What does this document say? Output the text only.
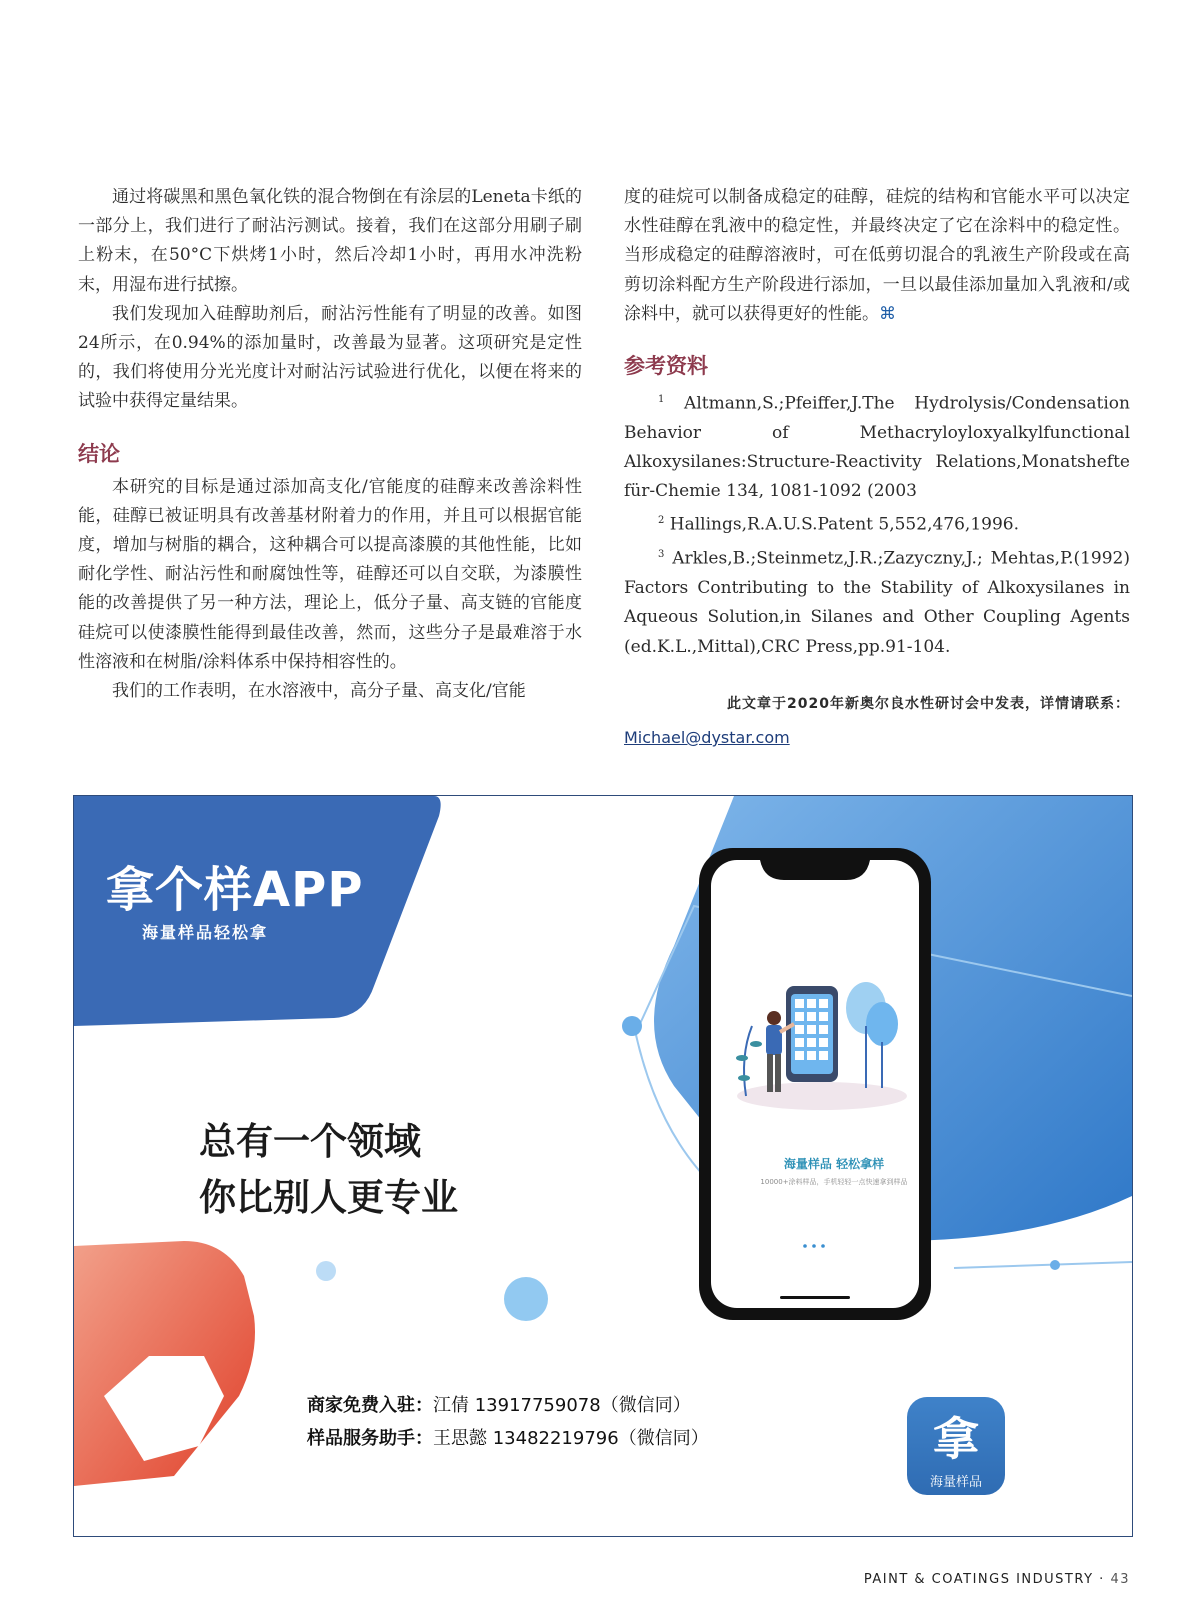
通过将碳黑和黑色氧化铁的混合物倒在有涂层的Leneta卡纸的一部分上，我们进行了耐沾污测试。接着，我们在这部分用刷子刷上粉末，在50°C下烘烤1小时，然后冷却1小时，再用水冲洗粉末，用湿布进行拭擦。

我们发现加入硅醇助剂后，耐沾污性能有了明显的改善。如图24所示，在0.94%的添加量时，改善最为显著。这项研究是定性的，我们将使用分光光度计对耐沾污试验进行优化，以便在将来的试验中获得定量结果。

结论

本研究的目标是通过添加高支化/官能度的硅醇来改善涂料性能，硅醇已被证明具有改善基材附着力的作用，并且可以根据官能度，增加与树脂的耦合，这种耦合可以提高漆膜的其他性能，比如耐化学性、耐沾污性和耐腐蚀性等，硅醇还可以自交联，为漆膜性能的改善提供了另一种方法，理论上，低分子量、高支链的官能度硅烷可以使漆膜性能得到最佳改善，然而，这些分子是最难溶于水性溶液和在树脂/涂料体系中保持相容性的。

我们的工作表明，在水溶液中，高分子量、高支化/官能

度的硅烷可以制备成稳定的硅醇，硅烷的结构和官能水平可以决定水性硅醇在乳液中的稳定性，并最终决定了它在涂料中的稳定性。当形成稳定的硅醇溶液时，可在低剪切混合的乳液生产阶段或在高剪切涂料配方生产阶段进行添加，一旦以最佳添加量加入乳液和/或涂料中，就可以获得更好的性能。⌘

参考资料

$^1$ Altmann,S.;Pfeiffer,J.The Hydrolysis/Condensation Behavior of Methacryloyloxyalkylfunctional Alkoxysilanes:Structure-Reactivity Relations,Monatshefte für-Chemie 134, 1081-1092 (2003

$^2$ Hallings,R.A.U.S.Patent 5,552,476,1996.

$^3$ Arkles,B.;Steinmetz,J.R.;Zazyczny,J.; Mehtas,P.(1992) Factors Contributing to the Stability of Alkoxysilanes in Aqueous Solution,in Silanes and Other Coupling Agents (ed.K.L.,Mittal),CRC Press,pp.91-104.

此文章于2020年新奥尔良水性研讨会中发表，详情请联系：
Michael@dystar.com
拿个样APP
海量样品轻松拿
总有一个领域
你比别人更专业
海量样品 轻松拿样
10000+涂料样品，手机轻轻一点快速拿到样品
商家免费入驻：江倩 13917759078（微信同）
样品服务助手：王思懿 13482219796（微信同）	拿
海量样品
PAINT & COATINGS INDUSTRY · 43
